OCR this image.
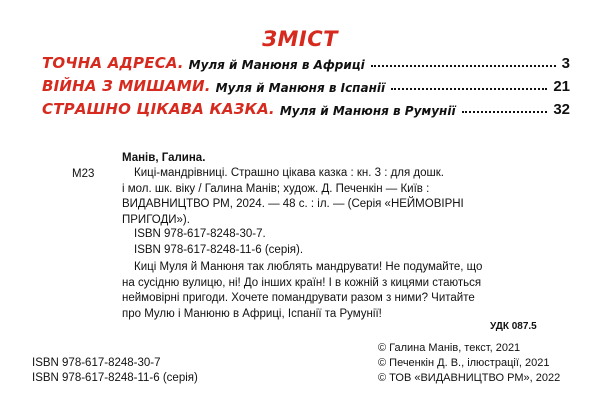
ЗМІСТ
ТОЧНА АДРЕСА. Муля й Манюня в Африці	3
ВІЙНА З МИШАМИ. Муля й Манюня в Іспанії	21
СТРАШНО ЦІКАВА КАЗКА. Муля й Манюня в Румунії	32
Манів, Галина.
М23	Киці-мандрівниці. Страшно цікава казка : кн. 3 : для дошк.
і мол. шк. віку / Галина Манів; худож. Д. Печенкін — Київ :
ВИДАВНИЦТВО РМ, 2024. — 48 с. : іл. — (Серія «НЕЙМОВІРНІ
ПРИГОДИ»).
ISBN 978-617-8248-30-7.
ISBN 978-617-8248-11-6 (серія).
Киці Муля й Манюня так люблять мандрувати! Не подумайте, що
на сусідню вулицю, ні! До інших країн! І в кожній з кицями стаються
неймовірні пригоди. Хочете помандрувати разом з ними? Читайте
про Мулю і Манюню в Африці, Іспанії та Румунії!
УДК 087.5
ISBN 978-617-8248-30-7
ISBN 978-617-8248-11-6 (серія)
© Галина Манів, текст, 2021
© Печенкін Д. В., ілюстрації, 2021
© ТОВ «ВИДАВНИЦТВО РМ», 2022
